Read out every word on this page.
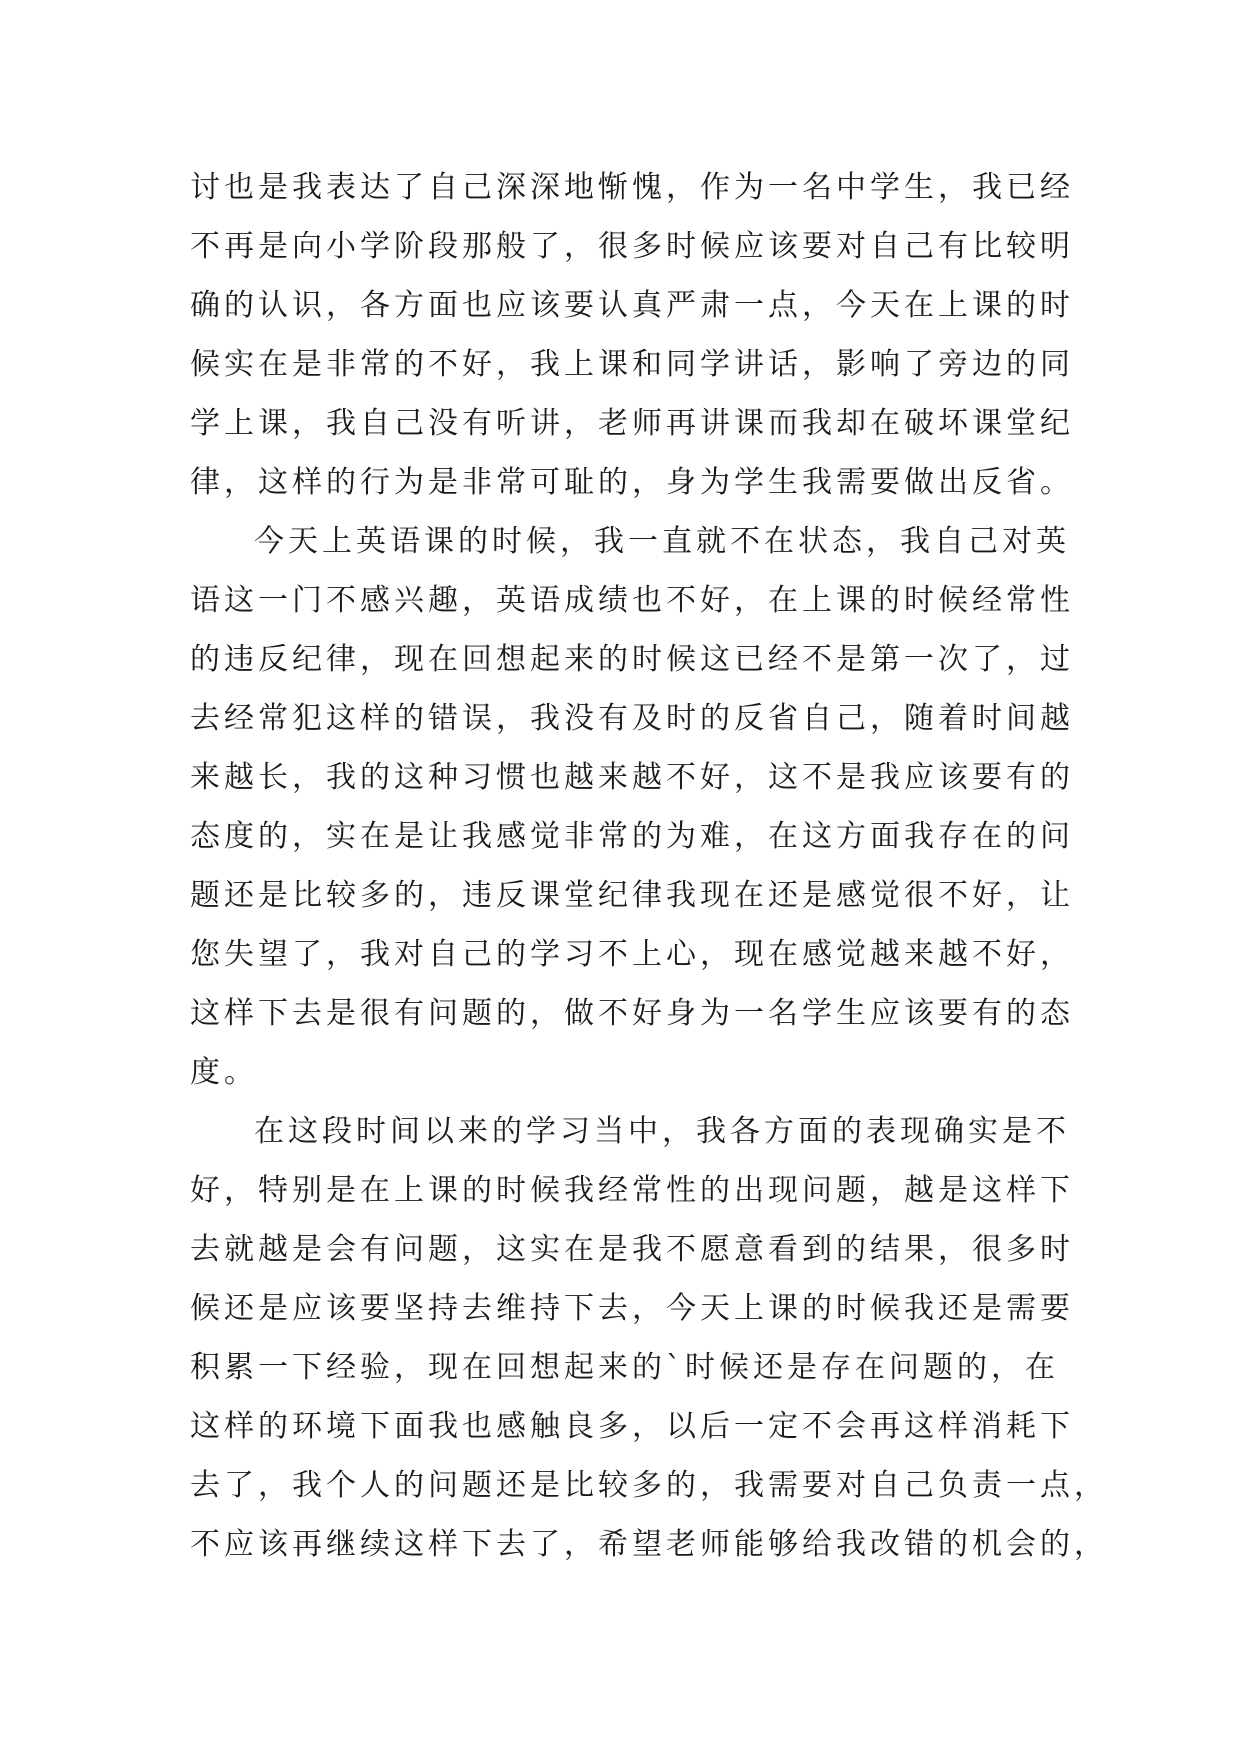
讨也是我表达了自己深深地惭愧，作为一名中学生，我已经
不再是向小学阶段那般了，很多时候应该要对自己有比较明
确的认识，各方面也应该要认真严肃一点，今天在上课的时
候实在是非常的不好，我上课和同学讲话，影响了旁边的同
学上课，我自己没有听讲，老师再讲课而我却在破坏课堂纪
律，这样的行为是非常可耻的，身为学生我需要做出反省。
今天上英语课的时候，我一直就不在状态，我自己对英
语这一门不感兴趣，英语成绩也不好，在上课的时候经常性
的违反纪律，现在回想起来的时候这已经不是第一次了，过
去经常犯这样的错误，我没有及时的反省自己，随着时间越
来越长，我的这种习惯也越来越不好，这不是我应该要有的
态度的，实在是让我感觉非常的为难，在这方面我存在的问
题还是比较多的，违反课堂纪律我现在还是感觉很不好，让
您失望了，我对自己的学习不上心，现在感觉越来越不好，
这样下去是很有问题的，做不好身为一名学生应该要有的态
度。
在这段时间以来的学习当中，我各方面的表现确实是不
好，特别是在上课的时候我经常性的出现问题，越是这样下
去就越是会有问题，这实在是我不愿意看到的结果，很多时
候还是应该要坚持去维持下去，今天上课的时候我还是需要
积累一下经验，现在回想起来的`时候还是存在问题的，在
这样的环境下面我也感触良多，以后一定不会再这样消耗下
去了，我个人的问题还是比较多的，我需要对自己负责一点，
不应该再继续这样下去了，希望老师能够给我改错的机会的，
